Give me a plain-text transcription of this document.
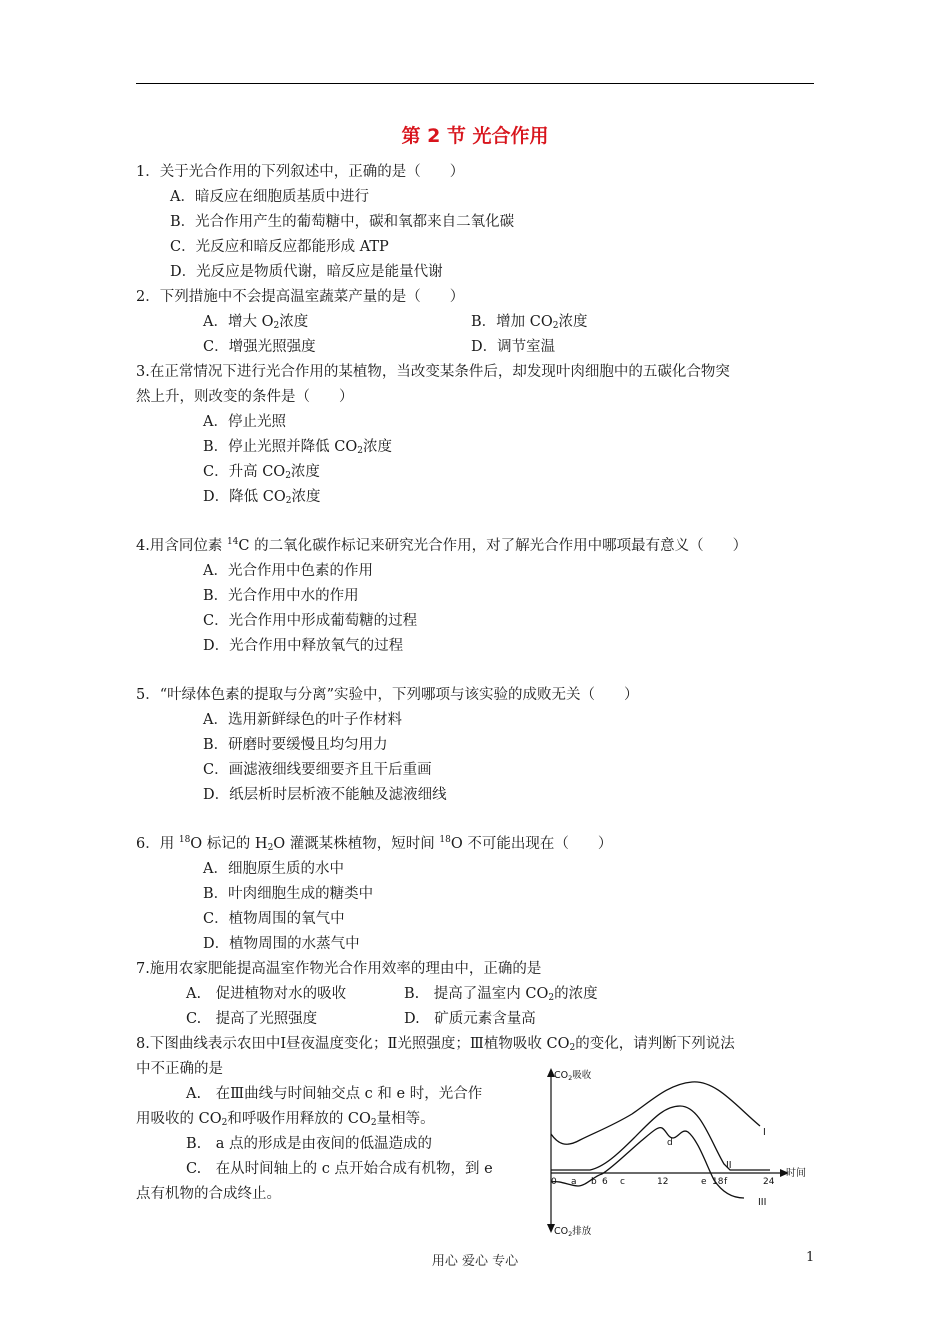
第 2 节 光合作用
1．关于光合作用的下列叙述中，正确的是（　　）
A．暗反应在细胞质基质中进行
B．光合作用产生的葡萄糖中，碳和氧都来自二氧化碳
C．光反应和暗反应都能形成 ATP
D．光反应是物质代谢，暗反应是能量代谢
2．下列措施中不会提高温室蔬菜产量的是（　　）
A．增大 $O_2$浓度	B．增加 $CO_2$浓度
C．增强光照强度	D．调节室温
3.在正常情况下进行光合作用的某植物，当改变某条件后，却发现叶肉细胞中的五碳化合物突
然上升，则改变的条件是（　　）
A．停止光照
B．停止光照并降低 $CO_2$浓度
C．升高 $CO_2$浓度
D．降低 $CO_2$浓度
4.用含同位素 $^{14}$C 的二氧化碳作标记来研究光合作用，对了解光合作用中哪项最有意义（　　）
A．光合作用中色素的作用
B．光合作用中水的作用
C．光合作用中形成葡萄糖的过程
D．光合作用中释放氧气的过程
5．“叶绿体色素的提取与分离”实验中，下列哪项与该实验的成败无关（　　）
A．选用新鲜绿色的叶子作材料
B．研磨时要缓慢且均匀用力
C．画滤液细线要细要齐且干后重画
D．纸层析时层析液不能触及滤液细线
6．用 $^{18}$O 标记的 $H_2O$ 灌溉某株植物，短时间 $^{18}$O 不可能出现在（　　）
A．细胞原生质的水中
B．叶肉细胞生成的糖类中
C．植物周围的氧气中
D．植物周围的水蒸气中
7.施用农家肥能提高温室作物光合作用效率的理由中，正确的是
A.　促进植物对水的吸收	B.　提高了温室内 $CO_2$的浓度
C.　提高了光照强度	D.　矿质元素含量高
8.下图曲线表示农田中Ⅰ昼夜温度变化；Ⅱ光照强度；Ⅲ植物吸收 $CO_2$的变化，请判断下列说法
中不正确的是
A.　在Ⅲ曲线与时间轴交点 c 和 e 时，光合作
用吸收的 $CO_2$和呼吸作用释放的 $CO_2$量相等。
B.　a 点的形成是由夜间的低温造成的
C.　在从时间轴上的 c 点开始合成有机物，到 e
点有机物的合成终止。
$CO_2$吸收
$CO_2$排放
0 a b 6 c	12	e 18 f	24
时间
d
I
II
III
用心 爱心 专心	1
